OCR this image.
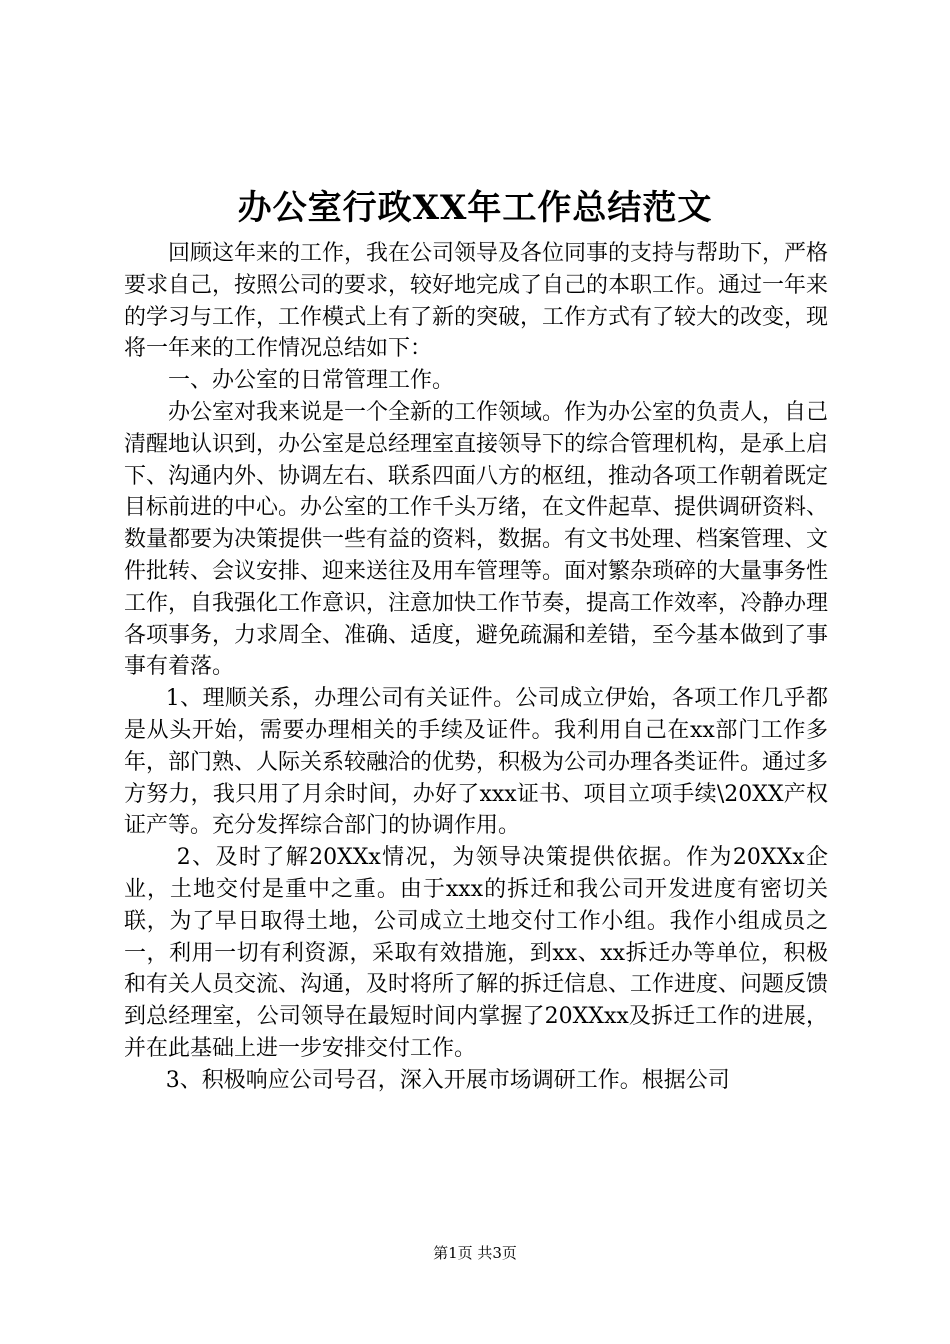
办公室行政XX年工作总结范文

回顾这年来的工作，我在公司领导及各位同事的支持与帮助下，严格要求自己，按照公司的要求，较好地完成了自己的本职工作。通过一年来的学习与工作，工作模式上有了新的突破，工作方式有了较大的改变，现将一年来的工作情况总结如下：

一、办公室的日常管理工作。

办公室对我来说是一个全新的工作领域。作为办公室的负责人，自己清醒地认识到，办公室是总经理室直接领导下的综合管理机构，是承上启下、沟通内外、协调左右、联系四面八方的枢纽，推动各项工作朝着既定目标前进的中心。办公室的工作千头万绪，在文件起草、提供调研资料、数量都要为决策提供一些有益的资料，数据。有文书处理、档案管理、文件批转、会议安排、迎来送往及用车管理等。面对繁杂琐碎的大量事务性工作，自我强化工作意识，注意加快工作节奏，提高工作效率，冷静办理各项事务，力求周全、准确、适度，避免疏漏和差错，至今基本做到了事事有着落。

1、理顺关系，办理公司有关证件。公司成立伊始，各项工作几乎都是从头开始，需要办理相关的手续及证件。我利用自己在xx部门工作多年，部门熟、人际关系较融洽的优势，积极为公司办理各类证件。通过多方努力，我只用了月余时间，办好了xxx证书、项目立项手续\20XX产权证产等。充分发挥综合部门的协调作用。

2、及时了解20XXx情况，为领导决策提供依据。作为20XXx企业，土地交付是重中之重。由于xxx的拆迁和我公司开发进度有密切关联，为了早日取得土地，公司成立土地交付工作小组。我作小组成员之一，利用一切有利资源，采取有效措施，到xx、xx拆迁办等单位，积极和有关人员交流、沟通，及时将所了解的拆迁信息、工作进度、问题反馈到总经理室，公司领导在最短时间内掌握了20XXxx及拆迁工作的进展，并在此基础上进一步安排交付工作。

3、积极响应公司号召，深入开展市场调研工作。根据公司

第1页 共3页
